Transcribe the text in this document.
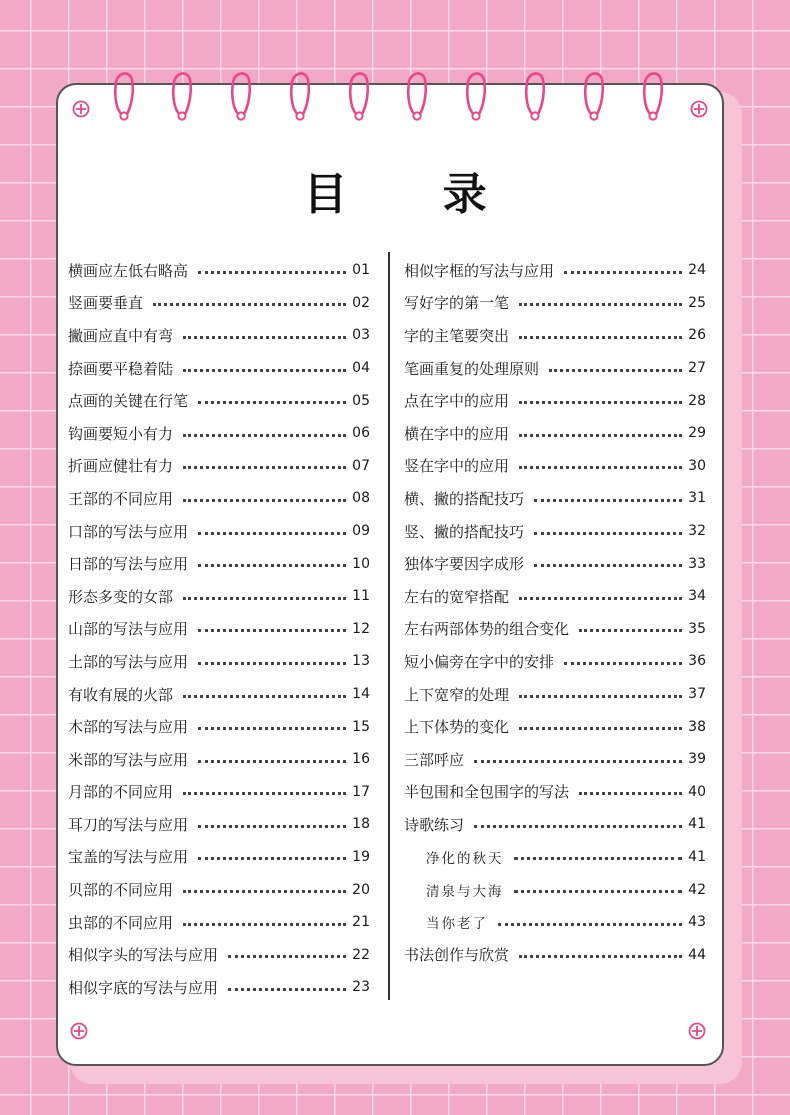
目 录
横画应左低右略高	01
竖画要垂直	02
撇画应直中有弯	03
捺画要平稳着陆	04
点画的关键在行笔	05
钩画要短小有力	06
折画应健壮有力	07
王部的不同应用	08
口部的写法与应用	09
日部的写法与应用	10
形态多变的女部	11
山部的写法与应用	12
土部的写法与应用	13
有收有展的火部	14
木部的写法与应用	15
米部的写法与应用	16
月部的不同应用	17
耳刀的写法与应用	18
宝盖的写法与应用	19
贝部的不同应用	20
虫部的不同应用	21
相似字头的写法与应用	22
相似字底的写法与应用	23
相似字框的写法与应用	24
写好字的第一笔	25
字的主笔要突出	26
笔画重复的处理原则	27
点在字中的应用	28
横在字中的应用	29
竖在字中的应用	30
横、撇的搭配技巧	31
竖、撇的搭配技巧	32
独体字要因字成形	33
左右的宽窄搭配	34
左右两部体势的组合变化	35
短小偏旁在字中的安排	36
上下宽窄的处理	37
上下体势的变化	38
三部呼应	39
半包围和全包围字的写法	40
诗歌练习	41
净化的秋天	41
清泉与大海	42
当你老了	43
书法创作与欣赏	44
